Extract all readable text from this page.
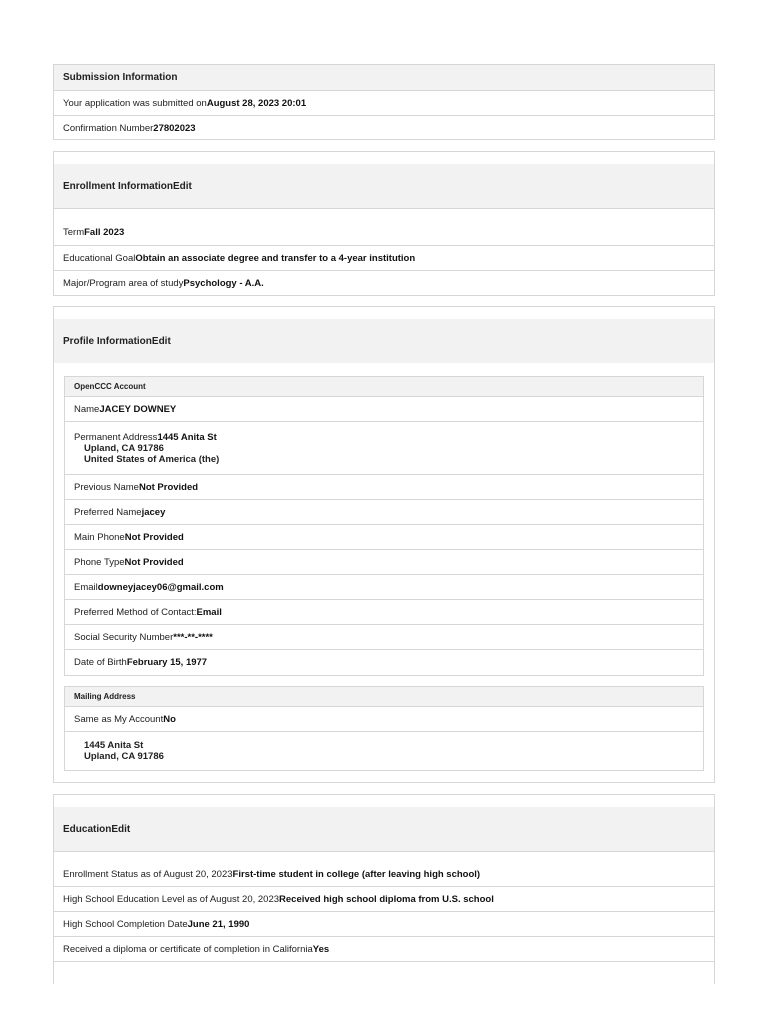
Submission Information
Your application was submitted on August 28, 2023 20:01
Confirmation Number 27802023
Enrollment Information Edit
Term Fall 2023
Educational Goal Obtain an associate degree and transfer to a 4-year institution
Major/Program area of study Psychology - A.A.
Profile Information Edit
OpenCCC Account
Name JACEY DOWNEY
Permanent Address1445 Anita St
Upland, CA 91786
United States of America (the)
Previous Name Not Provided
Preferred Name jacey
Main Phone Not Provided
Phone Type Not Provided
Email downeyjacey06@gmail.com
Preferred Method of Contact: Email
Social Security Number ***-**-****
Date of Birth February 15, 1977
Mailing Address
Same as My Account No
1445 Anita St
Upland, CA 91786
Education Edit
Enrollment Status as of August 20, 2023 First-time student in college (after leaving high school)
High School Education Level as of August 20, 2023 Received high school diploma from U.S. school
High School Completion Date June 21, 1990
Received a diploma or certificate of completion in California Yes
